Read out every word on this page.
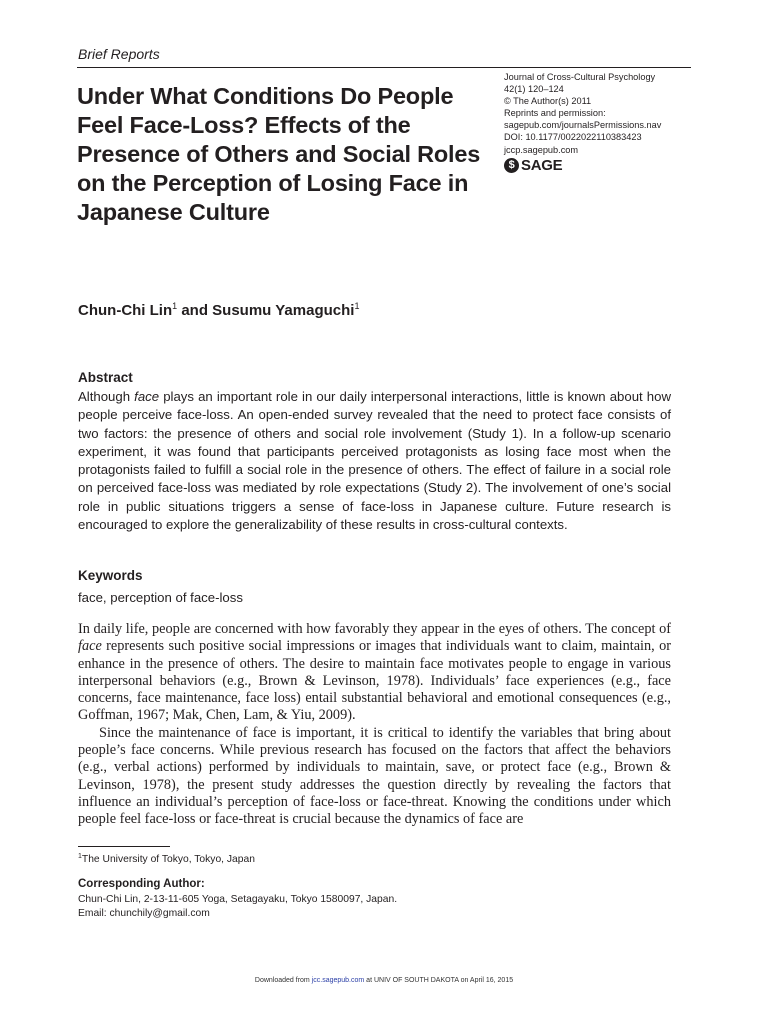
Brief Reports
Under What Conditions Do People Feel Face-Loss? Effects of the Presence of Others and Social Roles on the Perception of Losing Face in Japanese Culture
Journal of Cross-Cultural Psychology
42(1) 120–124
© The Author(s) 2011
Reprints and permission:
sagepub.com/journalsPermissions.nav
DOI: 10.1177/0022022110383423
jccp.sagepub.com
$ SAGE
Chun-Chi Lin$^1$ and Susumu Yamaguchi$^1$
Abstract

Although face plays an important role in our daily interpersonal interactions, little is known about how people perceive face-loss. An open-ended survey revealed that the need to protect face consists of two factors: the presence of others and social role involvement (Study 1). In a follow-up scenario experiment, it was found that participants perceived protagonists as losing face most when the protagonists failed to fulfill a social role in the presence of others. The effect of failure in a social role on perceived face-loss was mediated by role expectations (Study 2). The involvement of one’s social role in public situations triggers a sense of face-loss in Japanese culture. Future research is encouraged to explore the generalizability of these results in cross-cultural contexts.

Keywords
face, perception of face-loss

In daily life, people are concerned with how favorably they appear in the eyes of others. The concept of face represents such positive social impressions or images that individuals want to claim, maintain, or enhance in the presence of others. The desire to maintain face motivates people to engage in various interpersonal behaviors (e.g., Brown & Levinson, 1978). Individuals’ face experiences (e.g., face concerns, face maintenance, face loss) entail substantial behavioral and emotional consequences (e.g., Goffman, 1967; Mak, Chen, Lam, & Yiu, 2009).

Since the maintenance of face is important, it is critical to identify the variables that bring about people’s face concerns. While previous research has focused on the factors that affect the behaviors (e.g., verbal actions) performed by individuals to maintain, save, or protect face (e.g., Brown & Levinson, 1978), the present study addresses the question directly by revealing the factors that influence an individual’s perception of face-loss or face-threat. Knowing the conditions under which people feel face-loss or face-threat is crucial because the dynamics of face are

$^1$The University of Tokyo, Tokyo, Japan
Corresponding Author:
Chun-Chi Lin, 2-13-11-605 Yoga, Setagayaku, Tokyo 1580097, Japan.
Email: chunchily@gmail.com
Downloaded from jcc.sagepub.com at UNIV OF SOUTH DAKOTA on April 16, 2015
